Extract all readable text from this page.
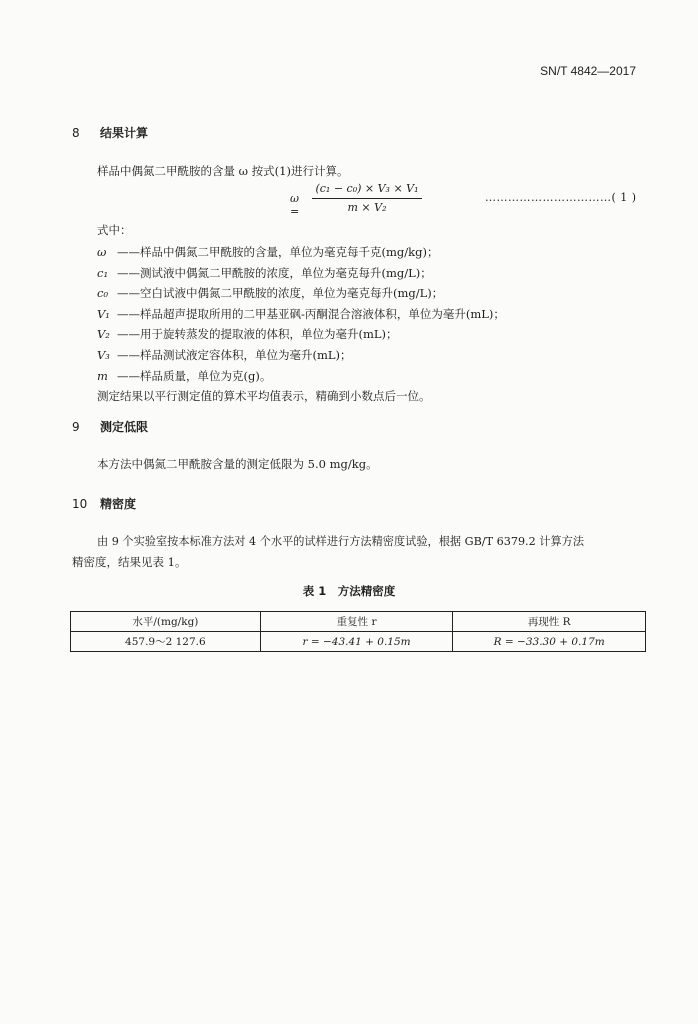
SN/T 4842—2017
8 结果计算
样品中偶氮二甲酰胺的含量 ω 按式(1)进行计算。
ω =
(c₁ − c₀) × V₃ × V₁
m × V₂
……………………………( 1 )
式中：
ω ——样品中偶氮二甲酰胺的含量，单位为毫克每千克(mg/kg)；
c₁ ——测试液中偶氮二甲酰胺的浓度，单位为毫克每升(mg/L)；
c₀ ——空白试液中偶氮二甲酰胺的浓度，单位为毫克每升(mg/L)；
V₁ ——样品超声提取所用的二甲基亚砜-丙酮混合溶液体积，单位为毫升(mL)；
V₂ ——用于旋转蒸发的提取液的体积，单位为毫升(mL)；
V₃ ——样品测试液定容体积，单位为毫升(mL)；
m ——样品质量，单位为克(g)。
测定结果以平行测定值的算术平均值表示，精确到小数点后一位。
9 测定低限
本方法中偶氮二甲酰胺含量的测定低限为 5.0 mg/kg。
10 精密度
由 9 个实验室按本标准方法对 4 个水平的试样进行方法精密度试验，根据 GB/T 6379.2 计算方法
精密度，结果见表 1。
表 1　方法精密度
水平/(mg/kg)	重复性 r	再现性 R
457.9～2 127.6	r = −43.41 + 0.15m	R = −33.30 + 0.17m
